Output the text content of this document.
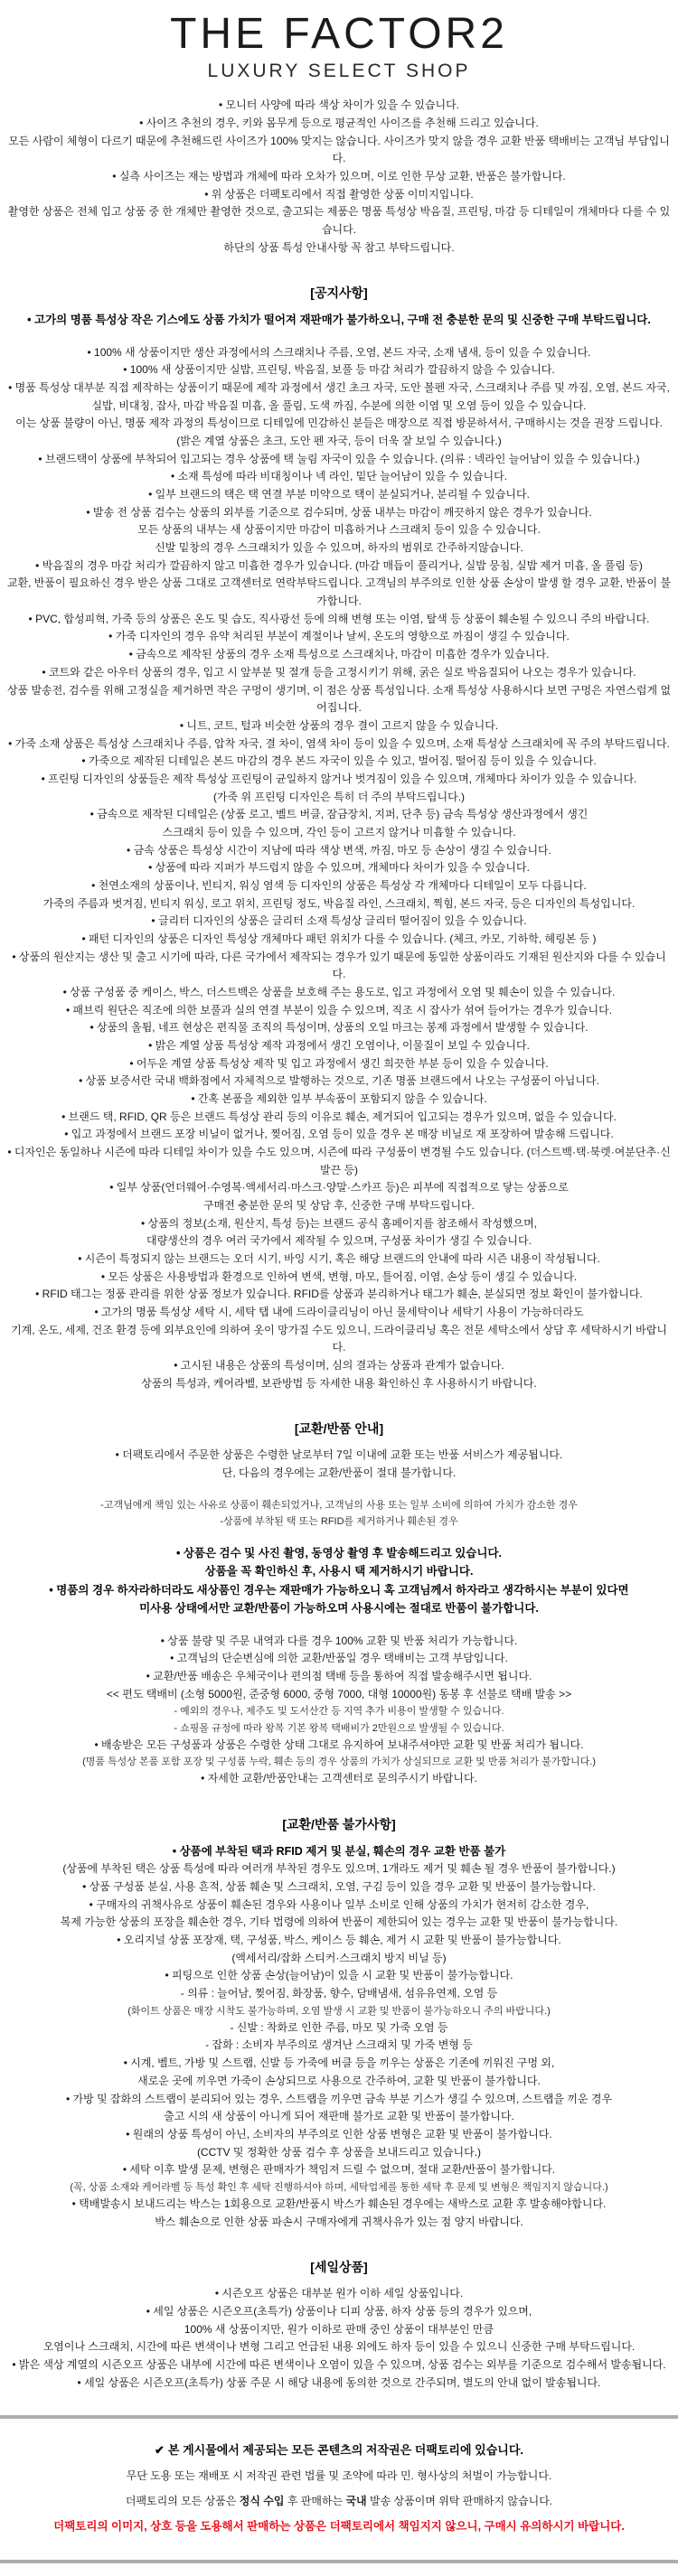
THE FACTOR2
LUXURY SELECT SHOP
• 모니터 사양에 따라 색상 차이가 있을 수 있습니다.
• 사이즈 추천의 경우, 키와 몸무게 등으로 평균적인 사이즈를 추천해 드리고 있습니다.
모든 사람이 체형이 다르기 때문에 추천해드린 사이즈가 100% 맞지는 않습니다. 사이즈가 맞지 않을 경우 교환 반품 택배비는 고객님 부담입니다.
• 실측 사이즈는 재는 방법과 개체에 따라 오차가 있으며, 이로 인한 무상 교환, 반품은 불가합니다.
• 위 상품은 더팩토리에서 직접 촬영한 상품 이미지입니다.
촬영한 상품은 전체 입고 상품 중 한 개체만 촬영한 것으로, 출고되는 제품은 명품 특성상 박음질, 프린팅, 마감 등 디테일이 개체마다 다를 수 있습니다.
하단의 상품 특성 안내사항 꼭 참고 부탁드립니다.
[공지사항]
• 고가의 명품 특성상 작은 기스에도 상품 가치가 떨어져 재판매가 불가하오니, 구매 전 충분한 문의 및 신중한 구매 부탁드립니다.

• 100% 새 상품이지만 생산 과정에서의 스크래치나 주름, 오염, 본드 자국, 소재 냄새, 등이 있을 수 있습니다.
• 100% 새 상품이지만 실밥, 프린팅, 박음질, 보풀 등 마감 처리가 깔끔하지 않을 수 있습니다.
• 명품 특성상 대부분 직접 제작하는 상품이기 때문에 제작 과정에서 생긴 초크 자국, 도안 볼펜 자국, 스크래치나 주름 및 까짐, 오염, 본드 자국,
실밥, 비대칭, 잡사, 마감 박음질 미흡, 올 풀림, 도색 까짐, 수분에 의한 이염 및 오염 등이 있을 수 있습니다.
이는 상품 불량이 아닌, 명품 제작 과정의 특성이므로 디테일에 민감하신 분들은 매장으로 직접 방문하셔서, 구매하시는 것을 권장 드립니다.
(밝은 계열 상품은 초크, 도안 펜 자국, 등이 더욱 잘 보일 수 있습니다.)
• 브랜드택이 상품에 부착되어 입고되는 경우 상품에 택 눌림 자국이 있을 수 있습니다. (의류 : 넥라인 늘어남이 있을 수 있습니다.)
• 소재 특성에 따라 비대칭이나 넥 라인, 밑단 늘어남이 있을 수 있습니다.
• 일부 브랜드의 택은 택 연결 부분 미약으로 택이 분실되거나, 분리될 수 있습니다.
• 발송 전 상품 검수는 상품의 외부를 기준으로 검수되며, 상품 내부는 마감이 깨끗하지 않은 경우가 있습니다.
모든 상품의 내부는 새 상품이지만 마감이 미흡하거나 스크래치 등이 있을 수 있습니다.
신발 밑창의 경우 스크래치가 있을 수 있으며, 하자의 범위로 간주하지않습니다.
• 박음질의 경우 마감 처리가 깔끔하지 않고 미흡한 경우가 있습니다. (마감 매듭이 풀리거나, 실밥 뭉침, 실밥 제거 미흡, 올 풀림 등)
교환, 반품이 필요하신 경우 받은 상품 그대로 고객센터로 연락부탁드립니다. 고객님의 부주의로 인한 상품 손상이 발생 할 경우 교환, 반품이 불가합니다.
• PVC, 합성피혁, 가죽 등의 상품은 온도 및 습도, 직사광선 등에 의해 변형 또는 이염, 탈색 등 상품이 훼손될 수 있으니 주의 바랍니다.
• 가죽 디자인의 경우 유약 처리된 부분이 계절이나 날씨, 온도의 영향으로 까짐이 생길 수 있습니다.
• 금속으로 제작된 상품의 경우 소재 특성으로 스크래치나, 마감이 미흡한 경우가 있습니다.
• 코트와 같은 아우터 상품의 경우, 입고 시 앞부분 및 절개 등을 고정시키기 위해, 굵은 실로 박음질되어 나오는 경우가 있습니다.
상품 발송전, 검수를 위해 고정실을 제거하면 작은 구멍이 생기며, 이 점은 상품 특성입니다. 소재 특성상 사용하시다 보면 구멍은 자연스럽게 없어집니다.
• 니트, 코트, 털과 비슷한 상품의 경우 결이 고르지 않을 수 있습니다.
• 가죽 소재 상품은 특성상 스크래치나 주름, 압착 자국, 결 차이, 염색 차이 등이 있을 수 있으며, 소재 특성상 스크래치에 꼭 주의 부탁드립니다.
• 가죽으로 제작된 디테일은 본드 마감의 경우 본드 자국이 있을 수 있고, 벌어짐, 떨어짐 등이 있을 수 있습니다.
• 프린팅 디자인의 상품들은 제작 특성상 프린팅이 균일하지 않거나 벗겨짐이 있을 수 있으며, 개체마다 차이가 있을 수 있습니다.
(가죽 위 프린팅 디자인은 특히 더 주의 부탁드립니다.)
• 금속으로 제작된 디테일은 (상품 로고, 벨트 버클, 잠금장치, 지퍼, 단추 등) 금속 특성상 생산과정에서 생긴
스크래치 등이 있을 수 있으며, 각인 등이 고르지 않거나 미흡할 수 있습니다.
• 금속 상품은 특성상 시간이 지남에 따라 색상 변색, 까짐, 마모 등 손상이 생길 수 있습니다.
• 상품에 따라 지퍼가 부드럽지 않을 수 있으며, 개체마다 차이가 있을 수 있습니다.
• 천연소재의 상품이나, 빈티지, 워싱 염색 등 디자인의 상품은 특성상 각 개체마다 디테일이 모두 다릅니다.
가죽의 주름과 벗겨짐, 빈티지 워싱, 로고 위치, 프린팅 정도, 박음질 라인, 스크래치, 찍힘, 본드 자국, 등은 디자인의 특성입니다.
• 글리터 디자인의 상품은 글리터 소재 특성상 글리터 떨어짐이 있을 수 있습니다.
• 패턴 디자인의 상품은 디자인 특성상 개체마다 패턴 위치가 다를 수 있습니다. (체크, 카모, 기하학, 헤링본 등 )
• 상품의 원산지는 생산 및 출고 시기에 따라, 다른 국가에서 제작되는 경우가 있기 때문에 동일한 상품이라도 기재된 원산지와 다를 수 있습니다.
• 상품 구성품 중 케이스, 박스, 더스트백은 상품을 보호해 주는 용도로, 입고 과정에서 오염 및 훼손이 있을 수 있습니다.
• 패브릭 원단은 직조에 의한 보풀과 실의 연결 부분이 있을 수 있으며, 직조 시 잡사가 섞여 들어가는 경우가 있습니다.
• 상품의 올튐, 네프 현상은 편직물 조직의 특성이며, 상품의 오일 마크는 봉제 과정에서 발생할 수 있습니다.
• 밝은 계열 상품 특성상 제작 과정에서 생긴 오염이나, 이물질이 보일 수 있습니다.
• 어두운 계열 상품 특성상 제작 및 입고 과정에서 생긴 희끗한 부분 등이 있을 수 있습니다.
• 상품 보증서란 국내 백화점에서 자체적으로 발행하는 것으로, 기존 명품 브랜드에서 나오는 구성품이 아닙니다.
• 간혹 본품을 제외한 일부 부속품이 포함되지 않을 수 있습니다.
• 브랜드 택, RFID, QR 등은 브랜드 특성상 관리 등의 이유로 훼손, 제거되어 입고되는 경우가 있으며, 없을 수 있습니다.
• 입고 과정에서 브랜드 포장 비닐이 없거나, 찢어짐, 오염 등이 있을 경우 본 매장 비닐로 재 포장하여 발송해 드립니다.
• 디자인은 동일하나 시즌에 따라 디테일 차이가 있을 수도 있으며, 시즌에 따라 구성품이 변경될 수도 있습니다. (더스트백·택·북렛·여분단추·신발끈 등)
• 일부 상품(언더웨어·수영복·액세서리·마스크·양말·스카프 등)은 피부에 직접적으로 닿는 상품으로
구매전 충분한 문의 및 상담 후, 신중한 구매 부탁드립니다.
• 상품의 정보(소재, 원산지, 특성 등)는 브랜드 공식 홈페이지를 참조해서 작성했으며,
대량생산의 경우 여러 국가에서 제작될 수 있으며, 구성품 차이가 생길 수 있습니다.
• 시즌이 특정되지 않는 브랜드는 오더 시기, 바잉 시기, 혹은 해당 브랜드의 안내에 따라 시즌 내용이 작성됩니다.
• 모든 상품은 사용방법과 환경으로 인하여 변색, 변형, 마모, 틀어짐, 이염, 손상 등이 생길 수 있습니다.
• RFID 태그는 정품 관리를 위한 상품 정보가 있습니다. RFID를 상품과 분리하거나 태그가 훼손, 분실되면 정보 확인이 불가합니다.
• 고가의 명품 특성상 세탁 시, 세탁 탭 내에 드라이클리닝이 아닌 물세탁이나 세탁기 사용이 가능하더라도
기계, 온도, 세제, 건조 환경 등에 외부요인에 의하여 옷이 망가질 수도 있으니, 드라이클리닝 혹은 전문 세탁소에서 상담 후 세탁하시기 바랍니다.
• 고시된 내용은 상품의 특성이며, 심의 결과는 상품과 관계가 없습니다.
상품의 특성과, 케어라벨, 보관방법 등 자세한 내용 확인하신 후 사용하시기 바랍니다.
[교환/반품 안내]
• 더팩토리에서 주문한 상품은 수령한 날로부터 7일 이내에 교환 또는 반품 서비스가 제공됩니다.
단, 다음의 경우에는 교환/반품이 절대 불가합니다.

-고객님에게 책임 있는 사유로 상품이 훼손되었거나, 고객님의 사용 또는 일부 소비에 의하여 가치가 감소한 경우
-상품에 부착된 택 또는 RFID를 제거하거나 훼손된 경우

• 상품은 검수 및 사진 촬영, 동영상 촬영 후 발송해드리고 있습니다.
상품을 꼭 확인하신 후, 사용시 택 제거하시기 바랍니다.
• 명품의 경우 하자라하더라도 새상품인 경우는 재판매가 가능하오니 혹 고객님께서 하자라고 생각하시는 부분이 있다면
미사용 상태에서만 교환/반품이 가능하오며 사용시에는 절대로 반품이 불가합니다.

• 상품 불량 및 주문 내역과 다를 경우 100% 교환 및 반품 처리가 가능합니다.
• 고객님의 단순변심에 의한 교환/반품일 경우 택배비는 고객 부담입니다.
• 교환/반품 배송은 우체국이나 편의점 택배 등을 통하여 직접 발송해주시면 됩니다.
<< 편도 택배비 (소형 5000원, 준중형 6000, 중형 7000, 대형 10000원) 동봉 후 선불로 택배 발송 >>
- 예외의 경우나, 제주도 및 도서산간 등 지역 추가 비용이 발생할 수 있습니다.
- 쇼핑몰 규정에 따라 왕복 기본 왕복 택배비가 2만원으로 발생될 수 있습니다.
• 배송받은 모든 구성품과 상품은 수령한 상태 그대로 유지하여 보내주셔야만 교환 및 반품 처리가 됩니다.
(명품 특성상 본품 포함 포장 및 구성품 누락, 훼손 등의 경우 상품의 가치가 상실되므로 교환 및 반품 처리가 불가합니다.)
• 자세한 교환/반품안내는 고객센터로 문의주시기 바랍니다.
[교환/반품 불가사항]
• 상품에 부착된 택과 RFID 제거 및 분실, 훼손의 경우 교환 반품 불가
(상품에 부착된 택은 상품 특성에 따라 여러개 부착된 경우도 있으며, 1개라도 제거 및 훼손 될 경우 반품이 불가합니다.)
• 상품 구성품 분실, 사용 흔적, 상품 훼손 및 스크래치, 오염, 구김 등이 있을 경우 교환 및 반품이 불가능합니다.
• 구매자의 귀책사유로 상품이 훼손된 경우와 사용이나 일부 소비로 인해 상품의 가치가 현저히 감소한 경우,
복제 가능한 상품의 포장을 훼손한 경우, 기타 법령에 의하여 반품이 제한되어 있는 경우는 교환 및 반품이 불가능합니다.
• 오리지널 상품 포장재, 택, 구성품, 박스, 케이스 등 훼손, 제거 시 교환 및 반품이 불가능합니다.
(액세서리/잡화 스티커·스크래치 방지 비닐 등)
• 피팅으로 인한 상품 손상(늘어남)이 있을 시 교환 및 반품이 불가능합니다.
- 의류 : 늘어남, 찢어짐, 화장품, 향수, 담배냄새, 섬유유연제, 오염 등
(화이트 상품은 매장 시착도 불가능하며, 오염 발생 시 교환 및 반품이 불가능하오니 주의 바랍니다.)
- 신발 : 착화로 인한 주름, 마모 및 가죽 오염 등
- 잡화 : 소비자 부주의로 생겨난 스크래치 및 가죽 변형 등
• 시계, 벨트, 가방 및 스트랩, 신발 등 가죽에 버클 등을 끼우는 상품은 기존에 끼워진 구멍 외,
새로운 곳에 끼우면 가죽이 손상되므로 사용으로 간주하여, 교환 및 반품이 불가합니다.
• 가방 및 잡화의 스트랩이 분리되어 있는 경우, 스트랩을 끼우면 금속 부분 기스가 생길 수 있으며, 스트랩을 끼운 경우
출고 시의 새 상품이 아니게 되어 재판매 불가로 교환 및 반품이 불가합니다.
• 원래의 상품 특성이 아닌, 소비자의 부주의로 인한 상품 변형은 교환 및 반품이 불가합니다.
(CCTV 및 정확한 상품 검수 후 상품을 보내드리고 있습니다.)
• 세탁 이후 발생 문제, 변형은 판매자가 책임져 드릴 수 없으며, 절대 교환/반품이 불가합니다.
(꼭, 상품 소재와 케어라벨 등 특성 확인 후 세탁 진행하셔야 하며, 세탁업체를 통한 세탁 후 문제 및 변형은 책임지지 않습니다.)
• 택배발송시 보내드리는 박스는 1회용으로 교환/반품시 박스가 훼손된 경우에는 새박스로 교환 후 발송해야합니다.
박스 훼손으로 인한 상품 파손시 구매자에게 귀책사유가 있는 점 양지 바랍니다.
[세일상품]
• 시즌오프 상품은 대부분 원가 이하 세일 상품입니다.
• 세일 상품은 시즌오프(초특가) 상품이나 디피 상품, 하자 상품 등의 경우가 있으며,
100% 새 상품이지만, 원가 이하로 판매 중인 상품이 대부분인 만큼
오염이나 스크래치, 시간에 따른 변색이나 변형 그리고 언급된 내용 외에도 하자 등이 있을 수 있으니 신중한 구매 부탁드립니다.
• 밝은 색상 계열의 시즌오프 상품은 내부에 시간에 따른 변색이나 오염이 있을 수 있으며, 상품 검수는 외부를 기준으로 검수해서 발송됩니다.
• 세일 상품은 시즌오프(초특가) 상품 주문 시 해당 내용에 동의한 것으로 간주되며, 별도의 안내 없이 발송됩니다.
✔ 본 게시물에서 제공되는 모든 콘텐츠의 저작권은 더팩토리에 있습니다.
무단 도용 또는 재배포 시 저작권 관련 법률 및 조약에 따라 민. 형사상의 처벌이 가능합니다.
더팩토리의 모든 상품은 정식 수입 후 판매하는 국내 발송 상품이며 위탁 판매하지 않습니다.
더팩토리의 이미지, 상호 등을 도용해서 판매하는 상품은 더팩토리에서 책임지지 않으니, 구매시 유의하시기 바랍니다.
